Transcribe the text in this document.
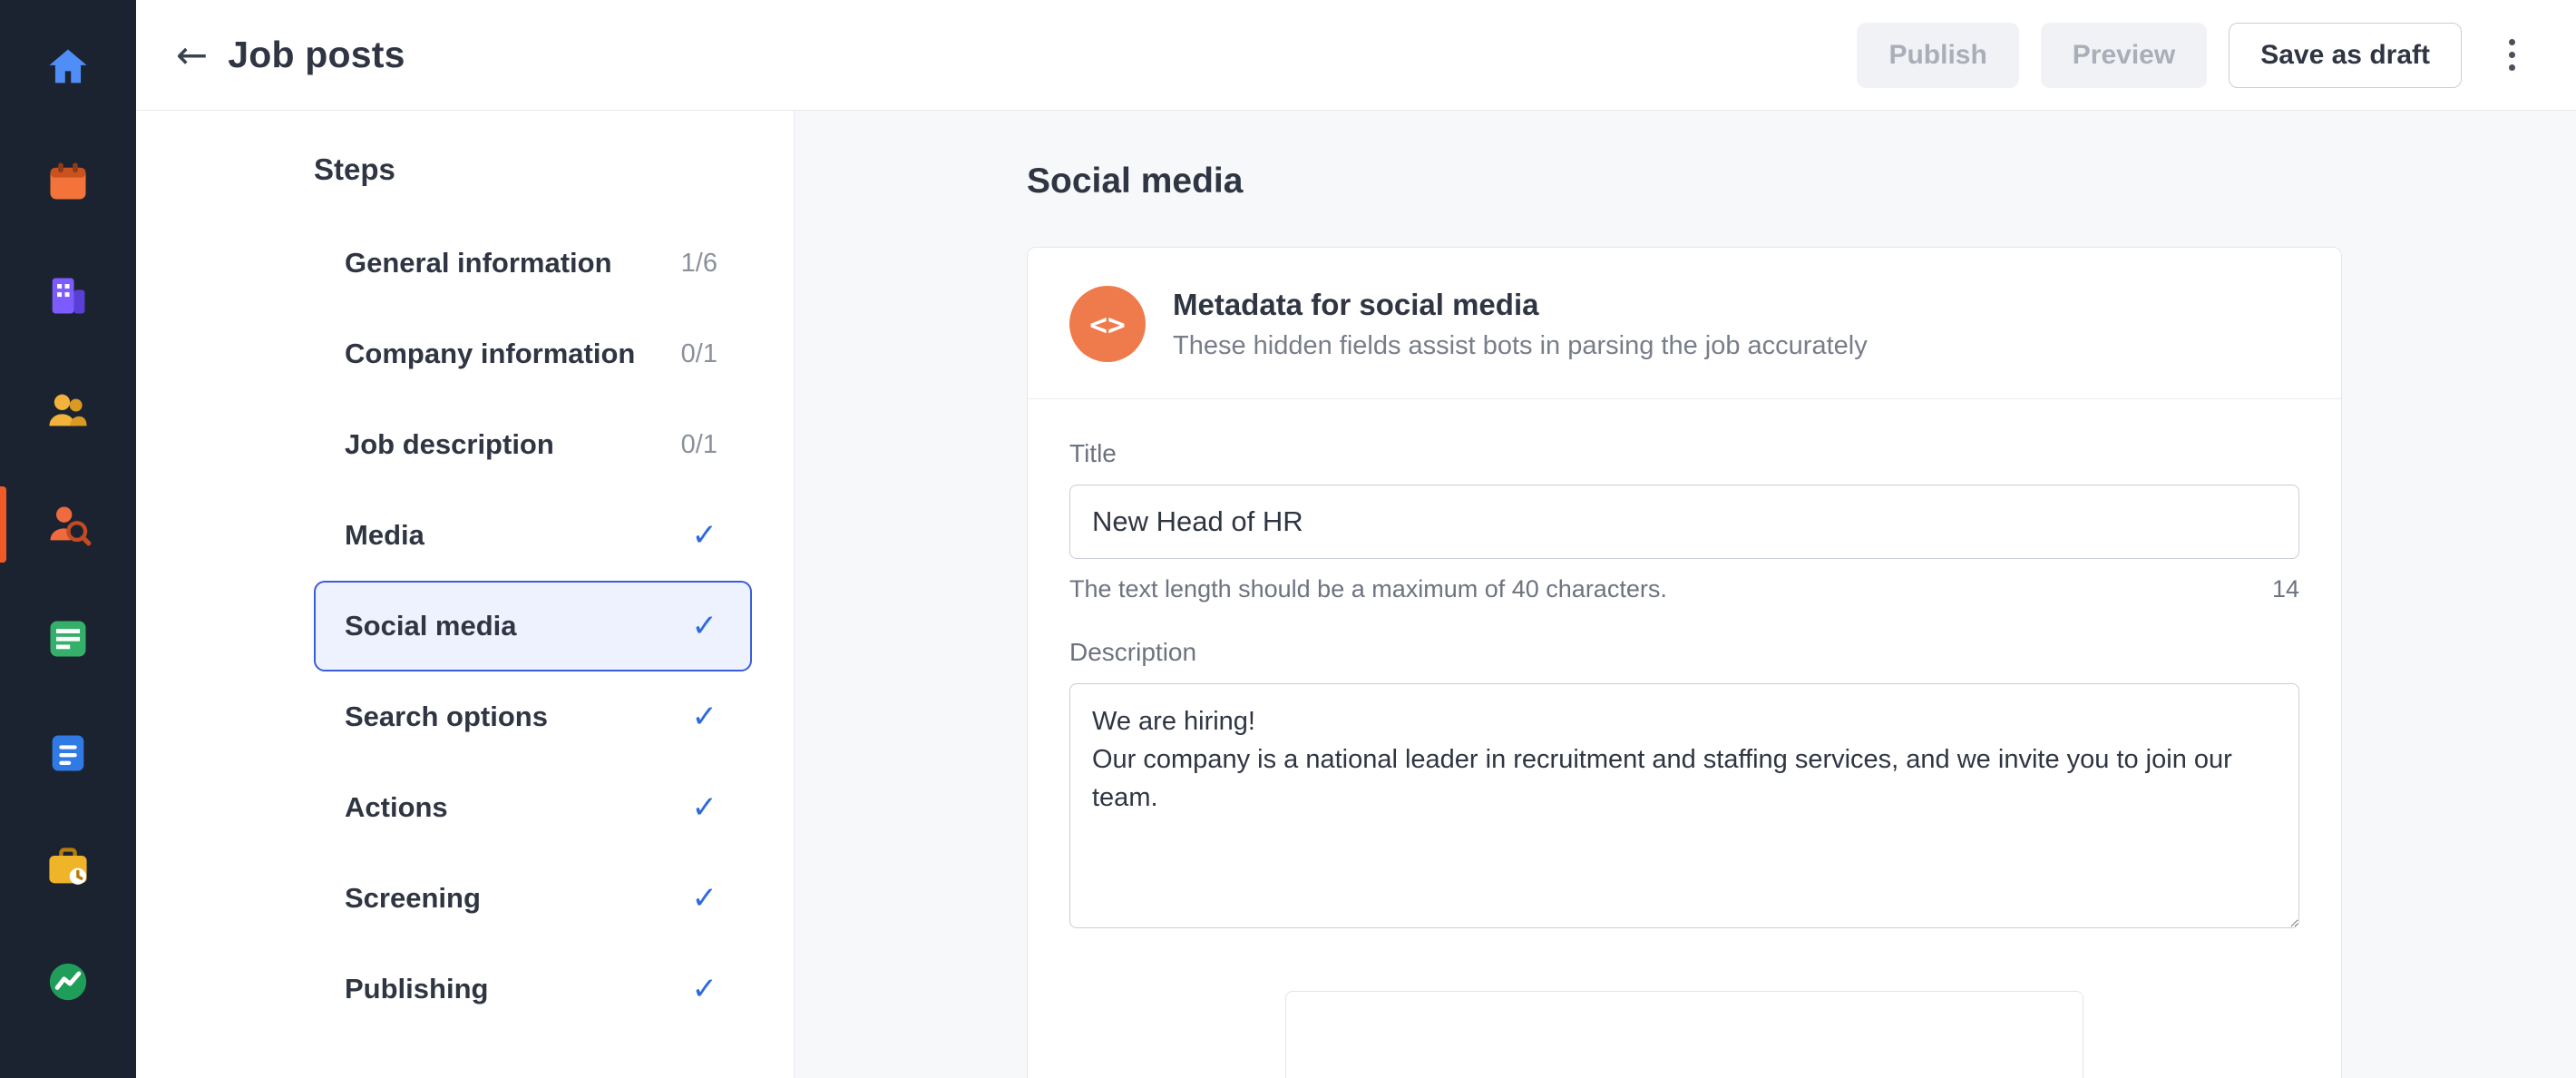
← Job posts	Publish	Preview	Save as draft
Steps
General information	1/6
Company information 0/1
Job description	0/1
Media	✓
Social media	✓
Search options	✓
Actions	✓
Screening	✓
Publishing	✓
Social media
<>
Metadata for social media
These hidden fields assist bots in parsing the job accurately
Title
New Head of HR
The text length should be a maximum of 40 characters.	14
Description
We are hiring! Our company is a national leader in recruitment and staffing services, and we invite you to join our team.
